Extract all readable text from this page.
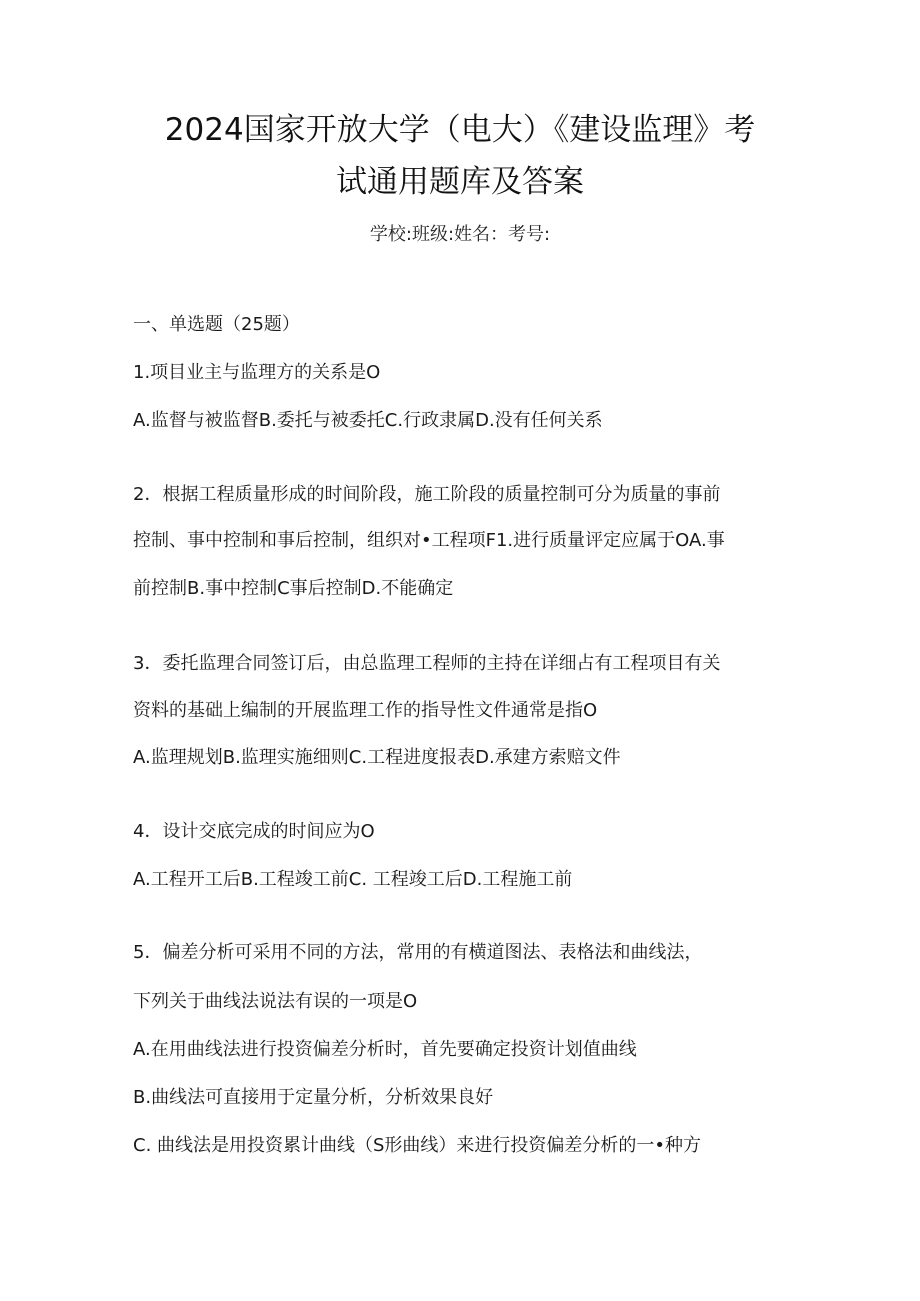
2024国家开放大学（电大）《建设监理》考
试通用题库及答案
学校:班级:姓名：考号:
一、单选题（25题）
1.项目业主与监理方的关系是O
A.监督与被监督B.委托与被委托C.行政隶属D.没有任何关系
2．根据工程质量形成的时间阶段，施工阶段的质量控制可分为质量的事前
控制、事中控制和事后控制，组织对•工程项F1.进行质量评定应属于OA.事
前控制B.事中控制C事后控制D.不能确定
3．委托监理合同签订后，由总监理工程师的主持在详细占有工程项目有关
资料的基础上编制的开展监理工作的指导性文件通常是指O
A.监理规划B.监理实施细则C.工程进度报表D.承建方索赔文件
4．设计交底完成的时间应为O
A.工程开工后B.工程竣工前C. 工程竣工后D.工程施工前
5．偏差分析可采用不同的方法，常用的有横道图法、表格法和曲线法，
下列关于曲线法说法有误的一项是O
A.在用曲线法进行投资偏差分析时，首先要确定投资计划值曲线
B.曲线法可直接用于定量分析，分析效果良好
C. 曲线法是用投资累计曲线（S形曲线）来进行投资偏差分析的一•种方
